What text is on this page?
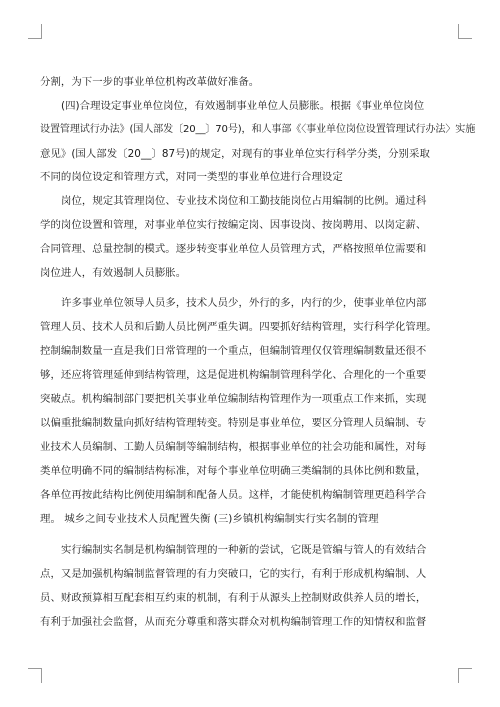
分割，为下一步的事业单位机构改革做好准备。
(四)合理设定事业单位岗位，有效遏制事业单位人员膨胀。根据《事业单位岗位
设置管理试行办法》(国人部发〔20__〕70号)，和人事部《〈事业单位岗位设置管理试行办法〉实施
意见》(国人部发〔20__〕87号)的规定，对现有的事业单位实行科学分类，分别采取
不同的岗位设定和管理方式，对同一类型的事业单位进行合理设定
岗位，规定其管理岗位、专业技术岗位和工勤技能岗位占用编制的比例。通过科
学的岗位设置和管理，对事业单位实行按编定岗、因事设岗、按岗聘用、以岗定薪、
合同管理、总量控制的模式。逐步转变事业单位人员管理方式，严格按照单位需要和
岗位进人，有效遏制人员膨胀。
许多事业单位领导人员多，技术人员少，外行的多，内行的少，使事业单位内部
管理人员、技术人员和后勤人员比例严重失调。四要抓好结构管理，实行科学化管理。
控制编制数量一直是我们日常管理的一个重点，但编制管理仅仅管理编制数量还很不
够，还应将管理延伸到结构管理，这是促进机构编制管理科学化、合理化的一个重要
突破点。机构编制部门要把机关事业单位编制结构管理作为一项重点工作来抓，实现
以偏重批编制数量向抓好结构管理转变。特别是事业单位，要区分管理人员编制、专
业技术人员编制、工勤人员编制等编制结构，根据事业单位的社会功能和属性，对每
类单位明确不同的编制结构标准，对每个事业单位明确三类编制的具体比例和数量，
各单位再按此结构比例使用编制和配备人员。这样，才能使机构编制管理更趋科学合
理。 城乡之间专业技术人员配置失衡 (三)乡镇机构编制实行实名制的管理
实行编制实名制是机构编制管理的一种新的尝试，它既是管编与管人的有效结合
点，又是加强机构编制监督管理的有力突破口，它的实行，有利于形成机构编制、人
员、财政预算相互配套相互约束的机制，有利于从源头上控制财政供养人员的增长，
有利于加强社会监督，从而充分尊重和落实群众对机构编制管理工作的知情权和监督
